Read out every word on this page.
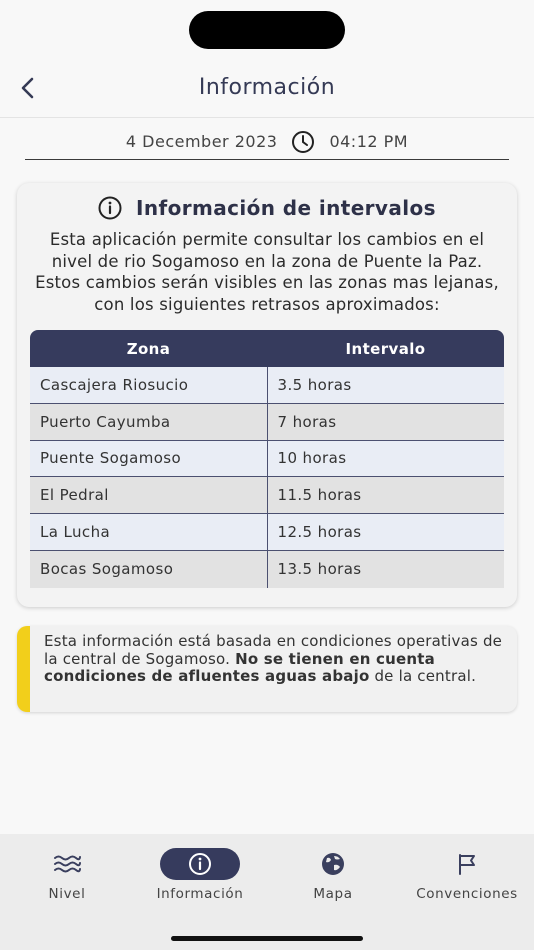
Información
4 December 2023	04:12 PM
Información de intervalos
Esta aplicación permite consultar los cambios en el nivel de rio Sogamoso en la zona de Puente la Paz. Estos cambios serán visibles en las zonas mas lejanas, con los siguientes retrasos aproximados:
Zona	Intervalo
Cascajera Riosucio	3.5 horas
Puerto Cayumba	7 horas
Puente Sogamoso	10 horas
El Pedral	11.5 horas
La Lucha	12.5 horas
Bocas Sogamoso	13.5 horas
Esta información está basada en condiciones operativas de la central de Sogamoso. No se tienen en cuenta condiciones de afluentes aguas abajo de la central.
Nivel	Información	Mapa	Convenciones
